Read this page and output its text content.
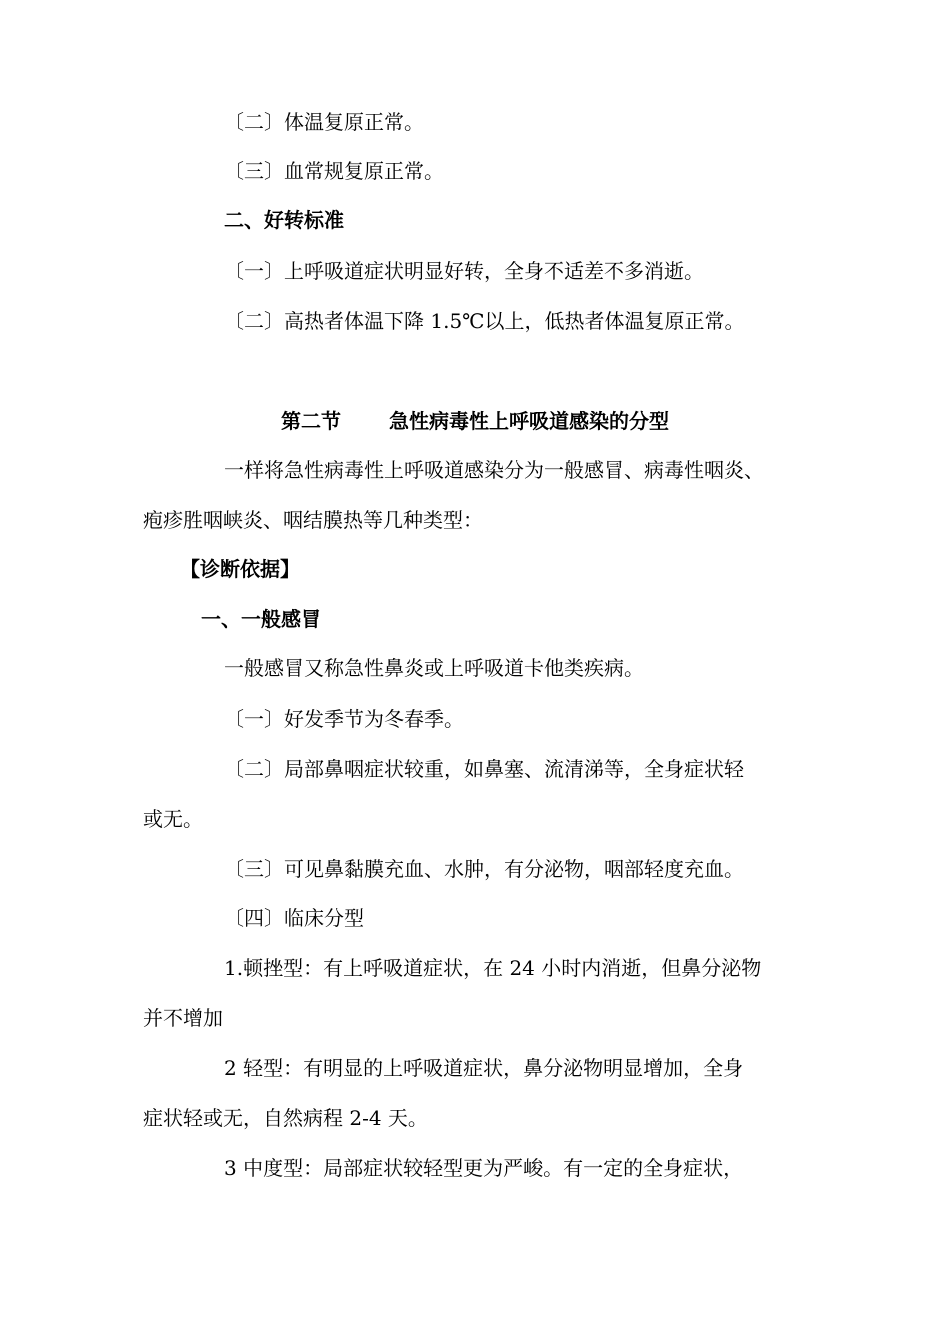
〔二〕体温复原正常。
〔三〕血常规复原正常。
二、好转标准
〔一〕上呼吸道症状明显好转，全身不适差不多消逝。
〔二〕高热者体温下降 1.5℃以上，低热者体温复原正常。
第二节 急性病毒性上呼吸道感染的分型
一样将急性病毒性上呼吸道感染分为一般感冒、病毒性咽炎、
疱疹胜咽峡炎、咽结膜热等几种类型：
【诊断依据】
一、一般感冒
一般感冒又称急性鼻炎或上呼吸道卡他类疾病。
〔一〕好发季节为冬春季。
〔二〕局部鼻咽症状较重，如鼻塞、流清涕等，全身症状轻
或无。
〔三〕可见鼻黏膜充血、水肿，有分泌物，咽部轻度充血。
〔四〕临床分型
1.顿挫型：有上呼吸道症状，在 24 小时内消逝，但鼻分泌物
并不增加
2 轻型：有明显的上呼吸道症状，鼻分泌物明显增加，全身
症状轻或无，自然病程 2-4 天。
3 中度型：局部症状较轻型更为严峻。有一定的全身症状，
